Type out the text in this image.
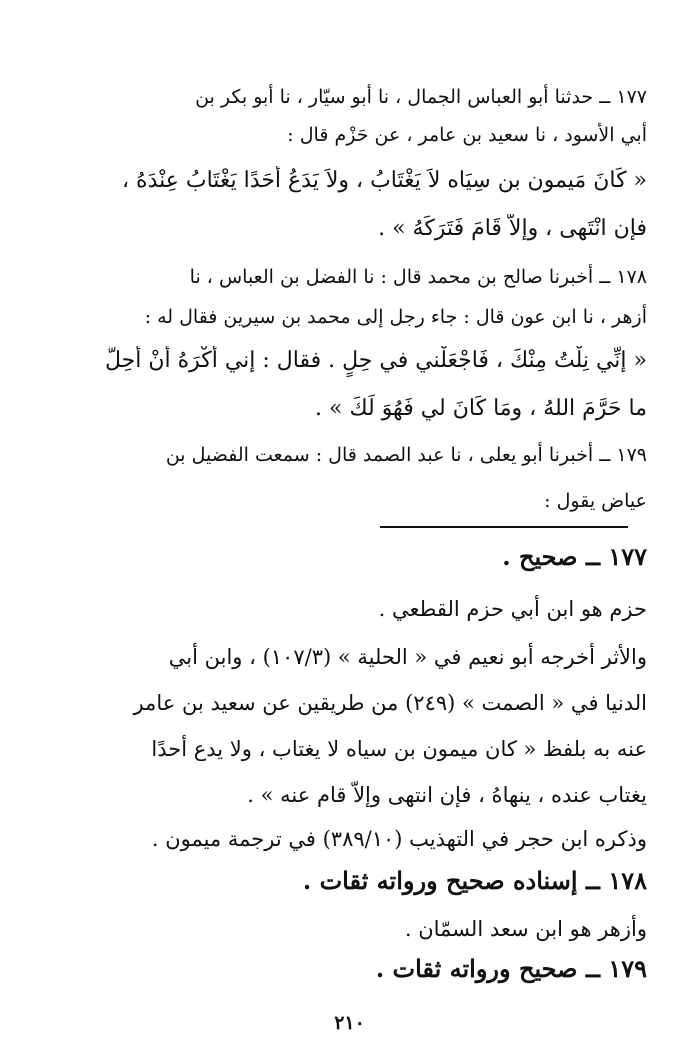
١٧٧ ــ حدثنا أبو العباس الجمال ، نا أبو سيّار ، نا أبو بكر بن
أبي الأسود ، نا سعيد بن عامر ، عن حَزْم قال :
« كَانَ مَيمون بن سِيَاه لاَ يَغْتَابُ ، ولاَ يَدَعُ أَحَدًا يَغْتَابُ عِنْدَهُ ،
فإن انْتَهى ، وإلاَّ قَامَ فَتَرَكَهُ » .
١٧٨ ــ أخبرنا صالح بن محمد قال : نا الفضل بن العباس ، نا
أزهر ، نا ابن عون قال : جاء رجل إلى محمد بن سيرين فقال له :
« إنِّي نِلْتُ مِنْكَ ، فَاجْعَلْني في حِلٍ . فقال : إني أَكْرَهُ أَنْ أُحِلَّ
ما حَرَّمَ اللهُ ، ومَا كَانَ لي فَهُوَ لَكَ » .
١٧٩ ــ أخبرنا أبو يعلى ، نا عبد الصمد قال : سمعت الفضيل بن
عياض يقول :
١٧٧ ــ صحيح .
حزم هو ابن أبي حزم القطعي .
والأثر أخرجه أبو نعيم في « الحلية » (١٠٧/٣) ، وابن أبي
الدنيا في « الصمت » (٢٤٩) من طريقين عن سعيد بن عامر
عنه به بلفظ « كان ميمون بن سياه لا يغتاب ، ولا يدع أحدًا
يغتاب عنده ، ينهاهُ ، فإن انتهى وإلاّ قام عنه » .
وذكره ابن حجر في التهذيب (٣٨٩/١٠) في ترجمة ميمون .
١٧٨ ــ إسناده صحيح ورواته ثقات .
وأزهر هو ابن سعد السمّان .
١٧٩ ــ صحيح ورواته ثقات .
٢١٠
